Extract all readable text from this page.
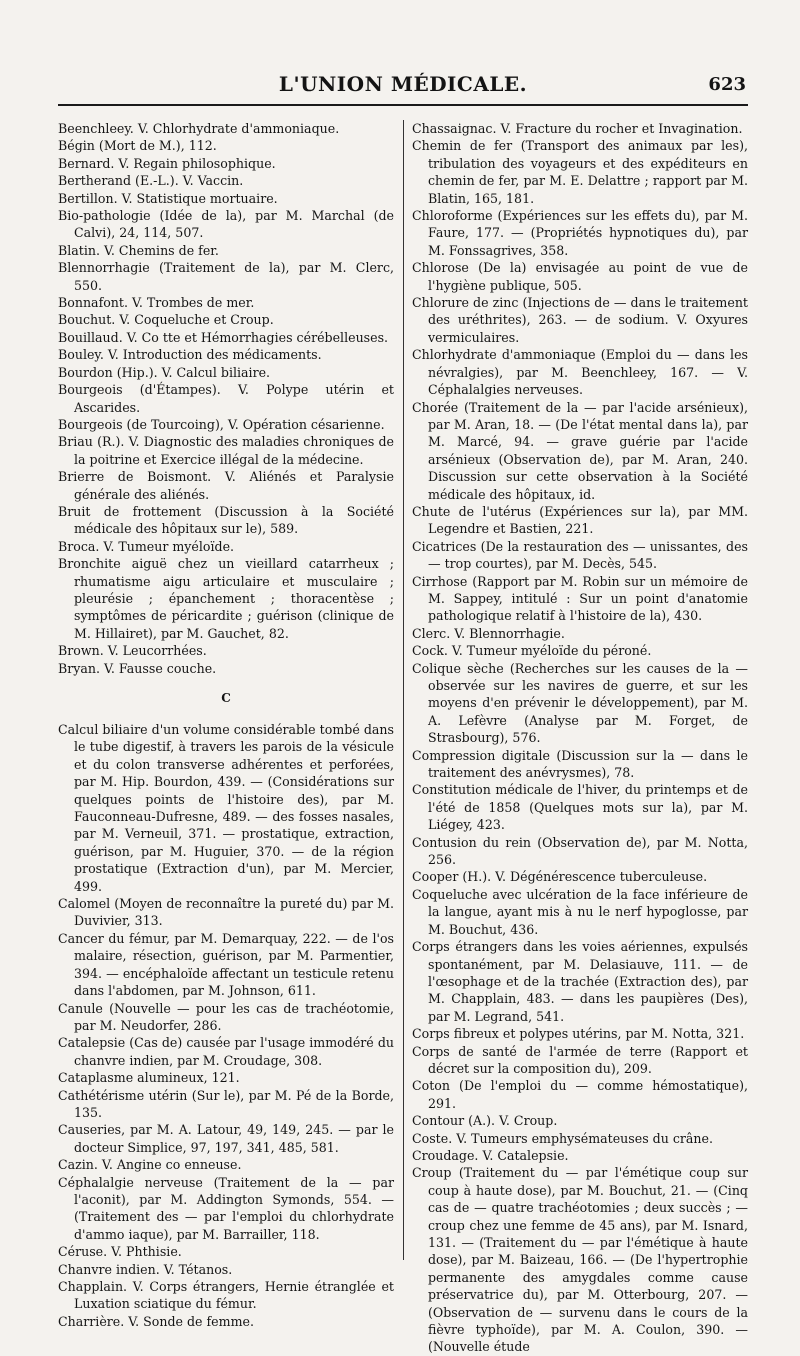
L'UNION MÉDICALE.	623

Beenchleey. V. Chlorhydrate d'ammoniaque.

Bégin (Mort de M.), 112.

Bernard. V. Regain philosophique.

Bertherand (E.-L.). V. Vaccin.

Bertillon. V. Statistique mortuaire.

Bio-pathologie (Idée de la), par M. Marchal (de Calvi), 24, 114, 507.

Blatin. V. Chemins de fer.

Blennorrhagie (Traitement de la), par M. Clerc, 550.

Bonnafont. V. Trombes de mer.

Bouchut. V. Coqueluche et Croup.

Bouillaud. V. Co tte et Hémorrhagies cérébelleuses.

Bouley. V. Introduction des médicaments.

Bourdon (Hip.). V. Calcul biliaire.

Bourgeois (d'Étampes). V. Polype utérin et Ascarides.

Bourgeois (de Tourcoing), V. Opération césarienne.

Briau (R.). V. Diagnostic des maladies chroniques de la poitrine et Exercice illégal de la médecine.

Brierre de Boismont. V. Aliénés et Paralysie générale des aliénés.

Bruit de frottement (Discussion à la Société médicale des hôpitaux sur le), 589.

Broca. V. Tumeur myéloïde.

Bronchite aiguë chez un vieillard catarrheux ; rhumatisme aigu articulaire et musculaire ; pleurésie ; épanchement ; thoracentèse ; symptômes de péricardite ; guérison (clinique de M. Hillairet), par M. Gauchet, 82.

Brown. V. Leucorrhées.

Bryan. V. Fausse couche.

C

Calcul biliaire d'un volume considérable tombé dans le tube digestif, à travers les parois de la vésicule et du colon transverse adhérentes et perforées, par M. Hip. Bourdon, 439. — (Considérations sur quelques points de l'histoire des), par M. Fauconneau-Dufresne, 489. — des fosses nasales, par M. Verneuil, 371. — prostatique, extraction, guérison, par M. Huguier, 370. — de la région prostatique (Extraction d'un), par M. Mercier, 499.

Calomel (Moyen de reconnaître la pureté du) par M. Duvivier, 313.

Cancer du fémur, par M. Demarquay, 222. — de l'os malaire, résection, guérison, par M. Parmentier, 394. — encéphaloïde affectant un testicule retenu dans l'abdomen, par M. Johnson, 611.

Canule (Nouvelle — pour les cas de trachéotomie, par M. Neudorfer, 286.

Catalepsie (Cas de) causée par l'usage immodéré du chanvre indien, par M. Croudage, 308.

Cataplasme alumineux, 121.

Cathétérisme utérin (Sur le), par M. Pé de la Borde, 135.

Causeries, par M. A. Latour, 49, 149, 245. — par le docteur Simplice, 97, 197, 341, 485, 581.

Cazin. V. Angine co enneuse.

Céphalalgie nerveuse (Traitement de la — par l'aconit), par M. Addington Symonds, 554. — (Traitement des — par l'emploi du chlorhydrate d'ammo iaque), par M. Barrailler, 118.

Céruse. V. Phthisie.

Chanvre indien. V. Tétanos.

Chapplain. V. Corps étrangers, Hernie étranglée et Luxation sciatique du fémur.

Charrière. V. Sonde de femme.

Chassaignac. V. Fracture du rocher et Invagination.

Chemin de fer (Transport des animaux par les), tribulation des voyageurs et des expéditeurs en chemin de fer, par M. E. Delattre ; rapport par M. Blatin, 165, 181.

Chloroforme (Expériences sur les effets du), par M. Faure, 177. — (Propriétés hypnotiques du), par M. Fonssagrives, 358.

Chlorose (De la) envisagée au point de vue de l'hygiène publique, 505.

Chlorure de zinc (Injections de — dans le traitement des uréthrites), 263. — de sodium. V. Oxyures vermiculaires.

Chlorhydrate d'ammoniaque (Emploi du — dans les névralgies), par M. Beenchleey, 167. — V. Céphalalgies nerveuses.

Chorée (Traitement de la — par l'acide arsénieux), par M. Aran, 18. — (De l'état mental dans la), par M. Marcé, 94. — grave guérie par l'acide arsénieux (Observation de), par M. Aran, 240. Discussion sur cette observation à la Société médicale des hôpitaux, id.

Chute de l'utérus (Expériences sur la), par MM. Legendre et Bastien, 221.

Cicatrices (De la restauration des — unissantes, des — trop courtes), par M. Decès, 545.

Cirrhose (Rapport par M. Robin sur un mémoire de M. Sappey, intitulé : Sur un point d'anatomie pathologique relatif à l'histoire de la), 430.

Clerc. V. Blennorrhagie.

Cock. V. Tumeur myéloïde du péroné.

Colique sèche (Recherches sur les causes de la — observée sur les navires de guerre, et sur les moyens d'en prévenir le développement), par M. A. Lefèvre (Analyse par M. Forget, de Strasbourg), 576.

Compression digitale (Discussion sur la — dans le traitement des anévrysmes), 78.

Constitution médicale de l'hiver, du printemps et de l'été de 1858 (Quelques mots sur la), par M. Liégey, 423.

Contusion du rein (Observation de), par M. Notta, 256.

Cooper (H.). V. Dégénérescence tuberculeuse.

Coqueluche avec ulcération de la face inférieure de la langue, ayant mis à nu le nerf hypoglosse, par M. Bouchut, 436.

Corps étrangers dans les voies aériennes, expulsés spontanément, par M. Delasiauve, 111. — de l'œsophage et de la trachée (Extraction des), par M. Chapplain, 483. — dans les paupières (Des), par M. Legrand, 541.

Corps fibreux et polypes utérins, par M. Notta, 321.

Corps de santé de l'armée de terre (Rapport et décret sur la composition du), 209.

Coton (De l'emploi du — comme hémostatique), 291.

Contour (A.). V. Croup.

Coste. V. Tumeurs emphysémateuses du crâne.

Croudage. V. Catalepsie.

Croup (Traitement du — par l'émétique coup sur coup à haute dose), par M. Bouchut, 21. — (Cinq cas de — quatre trachéotomies ; deux succès ; — croup chez une femme de 45 ans), par M. Isnard, 131. — (Traitement du — par l'émétique à haute dose), par M. Baizeau, 166. — (De l'hypertrophie permanente des amygdales comme cause préservatrice du), par M. Otterbourg, 207. — (Observation de — survenu dans le cours de la fièvre typhoïde), par M. A. Coulon, 390. — (Nouvelle étude
